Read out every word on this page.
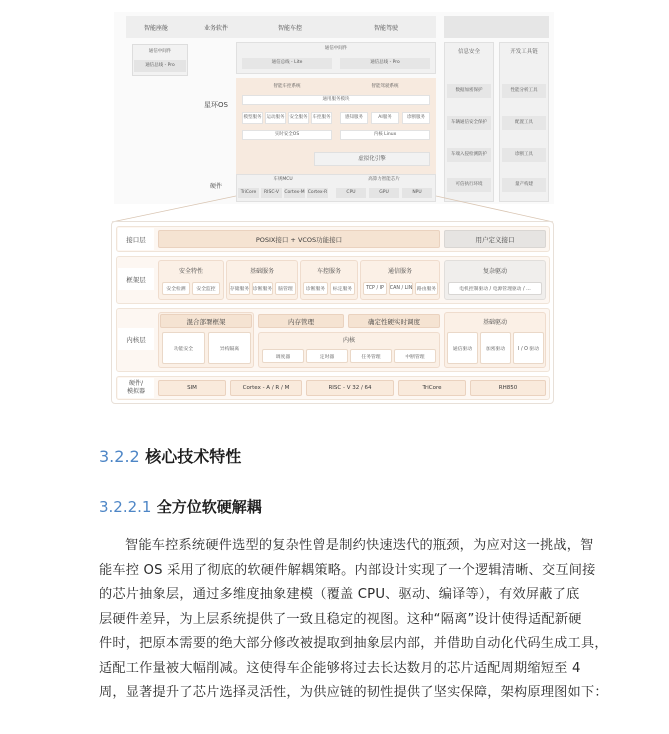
智能座舱
通信中间件
通信总线 - Pro
业务软件
星环OS
硬件
智能车控	智能驾驶
通信中间件
通信总线 - Lite	通信总线 - Pro
智能车控系统	智能驾驶系统
通用服务模块
模型服务	运动服务	安全服务	车控服务	感知服务	AI服务	诊断服务
实时安全OS	内核 Linux
虚拟化引擎
车规MCU
TriCore	RISC-V	Cortex-M Cortex-R
高算力智能芯片
CPU	GPU	NPU
信息安全	开发工具链
数据加密保护
车辆通信安全保护
车端入侵检测防护
可信执行环境
性能分析工具
配置工具
诊断工具
量产构建
接口层	POSIX接口 + VCOS功能接口	用户定义接口
框架层
安全特性
安全检测	安全监控
基础服务
存储服务 诊断服务	脑管理
车控服务
诊断服务	标定服务
通信服务
TCP / IP	CAN / LIN 路由服务
复杂驱动
电机控制驱动 / 电源管理驱动 / ...
内核层
混合部署框架
功能安全	异构隔离
内存管理	确定性硬实时调度
内核
调度器	定时器	任务管理	中断管理
基础驱动
通信驱动	加密驱动	I / O 驱动
硬件/
模拟器	SIM	Cortex - A / R / M	RISC - V 32 / 64	TriCore	RH850
3.2.2 核心技术特性
3.2.2.1 全方位软硬解耦
智能车控系统硬件选型的复杂性曾是制约快速迭代的瓶颈，为应对这一挑战，智
能车控 OS 采用了彻底的软硬件解耦策略。内部设计实现了一个逻辑清晰、交互间接
的芯片抽象层，通过多维度抽象建模（覆盖 CPU、驱动、编译等），有效屏蔽了底
层硬件差异，为上层系统提供了一致且稳定的视图。这种“隔离”设计使得适配新硬
件时，把原本需要的绝大部分修改被提取到抽象层内部，并借助自动化代码生成工具，
适配工作量被大幅削减。这使得车企能够将过去长达数月的芯片适配周期缩短至 4
周，显著提升了芯片选择灵活性，为供应链的韧性提供了坚实保障，架构原理图如下：
